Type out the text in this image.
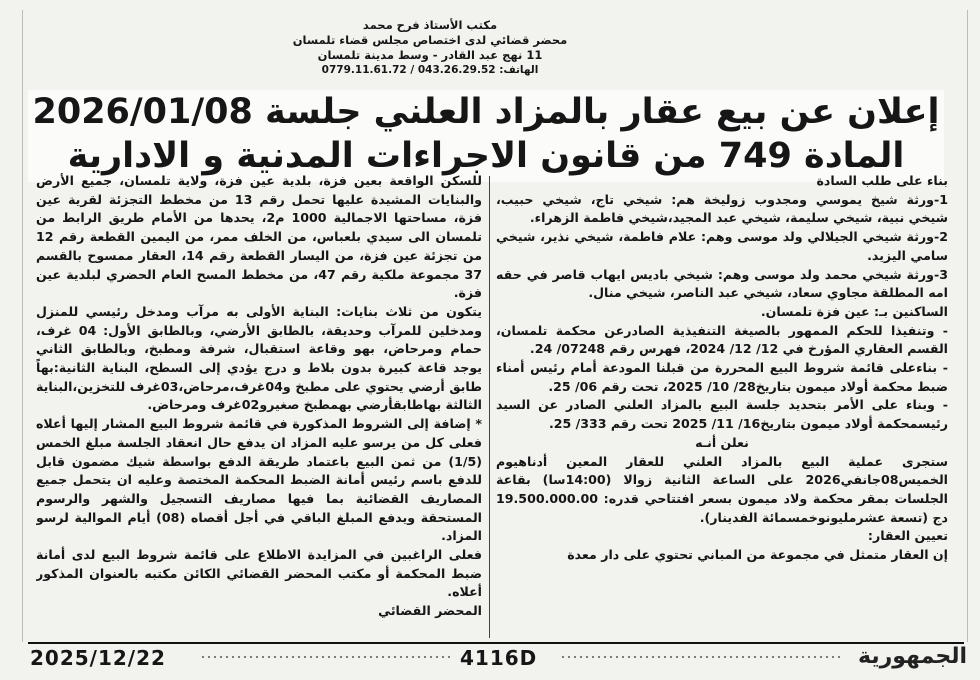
مكتب الأستاذ فرح محمد
محضر قضائي لدى اختصاص مجلس قضاء تلمسان
11 نهج عبد القادر - وسط مدينة تلمسان
الهاتف: 043.26.29.52 / 0779.11.61.72
إعلان عن بيع عقار بالمزاد العلني جلسة 2026/01/08
المادة 749 من قانون الاجراءات المدنية و الادارية

بناء على طلب السادة

1-ورثة شيخ يموسي ومجدوب زوليخة هم: شيخي تاج، شيخي حبيب، شيخي نبية، شيخي سليمة، شيخي عبد المجيد،شيخي فاطمة الزهراء.

2-ورثة شيخي الجيلالي ولد موسى وهم: علام فاطمة، شيخي نذير، شيخي سامي اليزيد.

3-ورثة شيخي محمد ولد موسى وهم: شيخي باديس ايهاب قاصر في حقه امه المطلقة مجاوي سعاد، شيخي عبد الناصر، شيخي منال.

الساكنين بـ: عين فزة تلمسان.

- وتنفيذا للحكم الممهور بالصيغة التنفيذية الصادرعن محكمة تلمسان، القسم العقاري المؤرخ في 12/ 12/ 2024، فهرس رقم 07248/ 24.

- بناءعلى قائمة شروط البيع المحررة من قبلنا المودعة أمام رئيس أمناء ضبط محكمة أولاد ميمون بتاريخ28/ 10/ 2025، تحت رقم 06/ 25.

- وبناء على الأمر بتحديد جلسة البيع بالمزاد العلني الصادر عن السيد رئيسمحكمة أولاد ميمون بتاريخ16/ 11/ 2025 تحت رقم 333/ 25.

نعلن أنـه

ستجرى عملية البيع بالمزاد العلني للعقار المعين أدناهيوم الخميس08جانفي2026 على الساعة الثانية زوالا (14:00سا) بقاعة الجلسات بمقر محكمة ولاد ميمون بسعر افتتاحي قدره: 19.500.000.00 دج (تسعة عشرمليونوخمسمائة الفدينار).

تعيين العقار:

إن العقار متمثل في مجموعة من المباني تحتوي على دار معدة

للسكن الواقعة بعين فزة، بلدية عين فزة، ولاية تلمسان، جميع الأرض والبنايات المشيدة عليها تحمل رقم 13 من مخطط التجزئة لقرية عين فزة، مساحتها الاجمالية 1000 م2، يحدها من الأمام طريق الرابط من تلمسان الى سيدي بلعباس، من الخلف ممر، من اليمين القطعة رقم 12 من تجزئة عين فزة، من اليسار القطعة رقم 14، العقار ممسوح بالقسم 37 مجموعة ملكية رقم 47، من مخطط المسح العام الحضري لبلدية عين فزة.

يتكون من ثلاث بنايات: البناية الأولى به مرآب ومدخل رئيسي للمنزل ومدخلين للمرآب وحديقة، بالطابق الأرضي، وبالطابق الأول: 04 غرف، حمام ومرحاض، بهو وقاعة استقبال، شرفة ومطبخ، وبالطابق الثاني يوجد قاعة كبيرة بدون بلاط و درج يؤدي إلى السطح، البناية الثانية:بهاً طابق أرضي يحتوي على مطبخ و04غرف،مرحاض،03غرف للتخزين،البناية الثالثة بهاطابقأرضي بهمطبخ صغيرو02غرف ومرحاض.

* إضافة إلى الشروط المذكورة في قائمة شروط البيع المشار إليها أعلاه فعلى كل من يرسو عليه المزاد ان يدفع حال انعقاد الجلسة مبلغ الخمس (1/5) من ثمن البيع باعتماد طريقة الدفع بواسطة شيك مضمون قابل للدفع باسم رئيس أمانة الضبط المحكمة المختصة وعليه ان يتحمل جميع المصاريف القضائية بما فيها مصاريف التسجيل والشهر والرسوم المستحقة ويدفع المبلغ الباقي في أجل أقصاه (08) أيام الموالية لرسو المزاد.

فعلى الراغبين في المزايدة الاطلاع على قائمة شروط البيع لدى أمانة ضبط المحكمة أو مكتب المحضر القضائي الكائن مكتبه بالعنوان المذكور أعلاه.

المحضر القضائي

2025/12/22	4116D	الجمهورية
